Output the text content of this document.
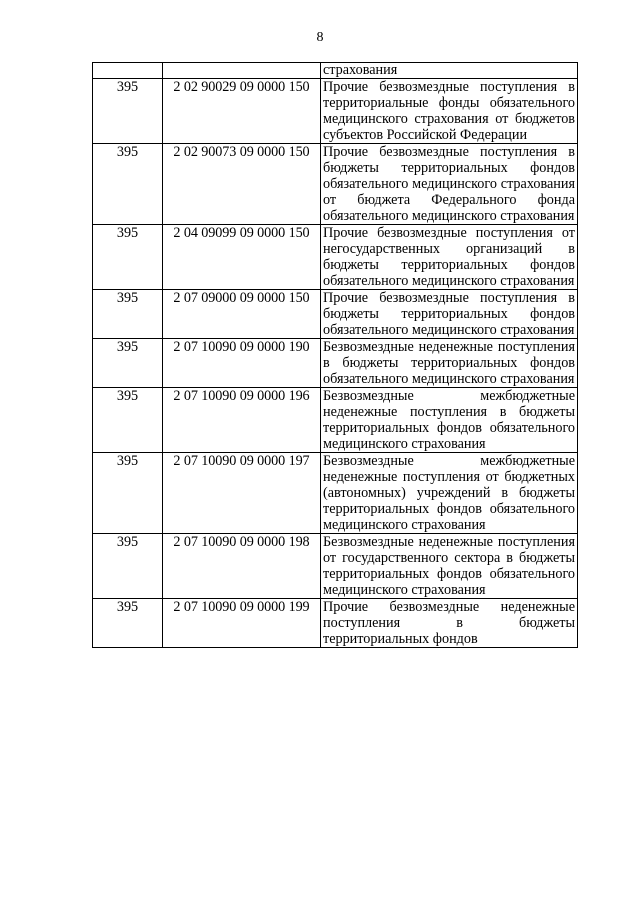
8
		страхования
395	2 02 90029 09 0000 150	Прочие безвозмездные поступления в территориальные фонды обязательного медицинского страхования от бюджетов субъектов Российской Федерации
395	2 02 90073 09 0000 150	Прочие безвозмездные поступления в бюджеты территориальных фондов обязательного медицинского страхования от бюджета Федерального фонда обязательного медицинского страхования
395	2 04 09099 09 0000 150	Прочие безвозмездные поступления от негосударственных организаций в бюджеты территориальных фондов обязательного медицинского страхования
395	2 07 09000 09 0000 150	Прочие безвозмездные поступления в бюджеты территориальных фондов обязательного медицинского страхования
395	2 07 10090 09 0000 190	Безвозмездные неденежные поступления в бюджеты территориальных фондов обязательного медицинского страхования
395	2 07 10090 09 0000 196	Безвозмездные межбюджетные неденежные поступления в бюджеты территориальных фондов обязательного медицинского страхования
395	2 07 10090 09 0000 197	Безвозмездные межбюджетные неденежные поступления от бюджетных (автономных) учреждений в бюджеты территориальных фондов обязательного медицинского страхования
395	2 07 10090 09 0000 198	Безвозмездные неденежные поступления от государственного сектора в бюджеты территориальных фондов обязательного медицинского страхования
395	2 07 10090 09 0000 199	Прочие безвозмездные неденежные поступления в бюджеты территориальных фондов
